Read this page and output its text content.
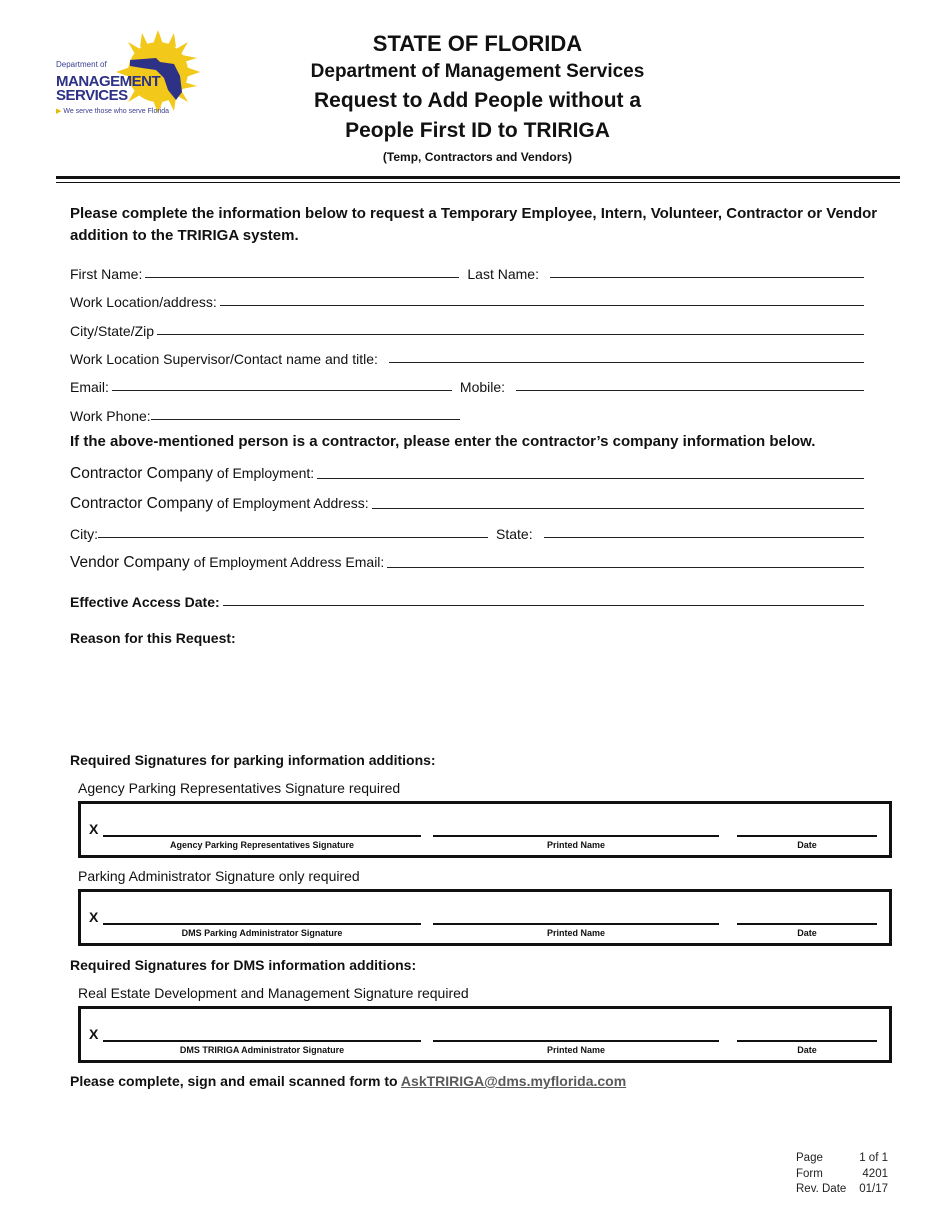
Department of
MANAGEMENT
SERVICES
▶ We serve those who serve Florida
STATE OF FLORIDA
Department of Management Services
Request to Add People without a
People First ID to TRIRIGA
(Temp, Contractors and Vendors)
Please complete the information below to request a Temporary Employee, Intern, Volunteer, Contractor or Vendor addition to the TRIRIGA system.
First Name:	Last Name:
Work Location/address:
City/State/Zip
Work Location Supervisor/Contact name and title:
Email:	Mobile:
Work Phone:
If the above-mentioned person is a contractor, please enter the contractor’s company information below.
Contractor Company of Employment:
Contractor Company of Employment Address:
City:	State:
Vendor Company of Employment Address Email:
Effective Access Date:
Reason for this Request:
Required Signatures for parking information additions:
Agency Parking Representatives Signature required
X
Agency Parking Representatives Signature	Printed Name	Date
Parking Administrator Signature only required
X
DMS Parking Administrator Signature	Printed Name	Date
Required Signatures for DMS information additions:
Real Estate Development and Management Signature required
X
DMS TRIRIGA Administrator Signature	Printed Name	Date
Please complete, sign and email scanned form to AskTRIRIGA@dms.myflorida.com
Page	1 of 1
Form	4201
Rev. Date 01/17
